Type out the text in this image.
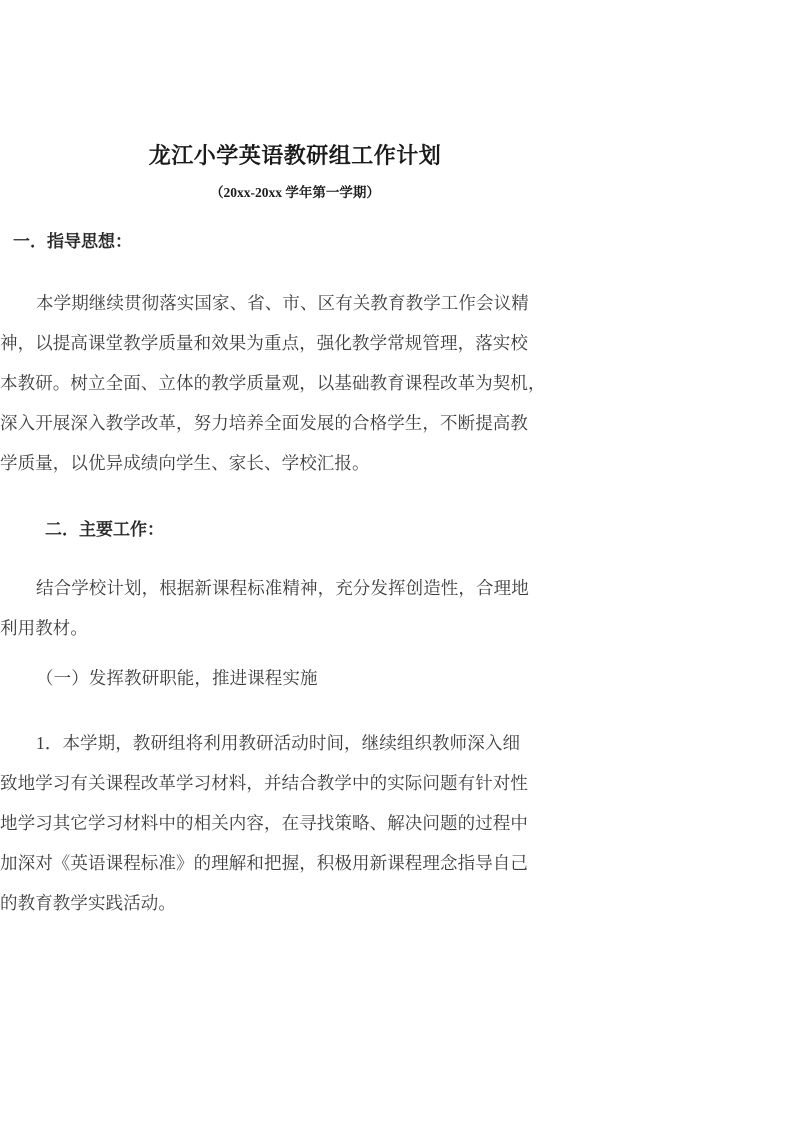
龙江小学英语教研组工作计划
（20xx-20xx 学年第一学期）
一．指导思想：
本学期继续贯彻落实国家、省、市、区有关教育教学工作会议精
神，以提高课堂教学质量和效果为重点，强化教学常规管理，落实校
本教研。树立全面、立体的教学质量观，以基础教育课程改革为契机，
深入开展深入教学改革，努力培养全面发展的合格学生，不断提高教
学质量，以优异成绩向学生、家长、学校汇报。
二．主要工作：
结合学校计划，根据新课程标准精神，充分发挥创造性，合理地
利用教材。
（一）发挥教研职能，推进课程实施
1．本学期，教研组将利用教研活动时间，继续组织教师深入细
致地学习有关课程改革学习材料，并结合教学中的实际问题有针对性
地学习其它学习材料中的相关内容，在寻找策略、解决问题的过程中
加深对《英语课程标准》的理解和把握，积极用新课程理念指导自己
的教育教学实践活动。
